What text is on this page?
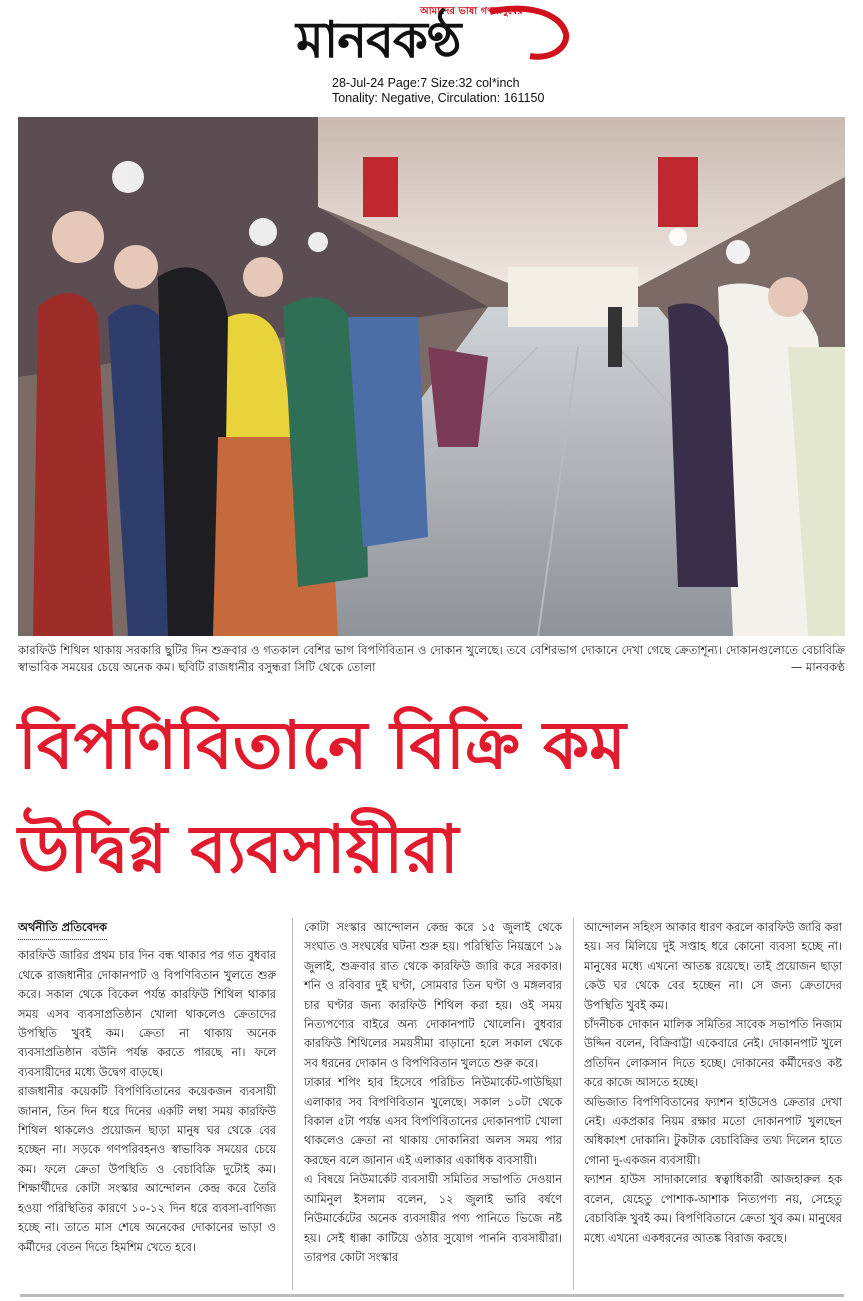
আমাদের ভাষা গণমানুষের
মানবকণ্ঠ
28-Jul-24 Page:7 Size:32 col*inch
Tonality: Negative, Circulation: 161150
কারফিউ শিথিল থাকায় সরকারি ছুটির দিন শুক্রবার ও গতকাল বেশির ভাগ বিপণিবিতান ও দোকান খুলেছে। তবে বেশিরভাগ দোকানে দেখা গেছে ক্রেতাশূন্য। দোকানগুলোতে বেচাবিক্রি স্বাভাবিক সময়ের চেয়ে অনেক কম। ছবিটি রাজধানীর বসুন্ধরা সিটি থেকে তোলা	— মানবকণ্ঠ
বিপণিবিতানে বিক্রি কম
উদ্বিগ্ন ব্যবসায়ীরা
অর্থনীতি প্রতিবেদক

কারফিউ জারির প্রথম চার দিন বন্ধ থাকার পর গত বুধবার থেকে রাজধানীর দোকানপাট ও বিপণিবিতান খুলতে শুরু করে। সকাল থেকে বিকেল পর্যন্ত কারফিউ শিথিল থাকার সময় এসব ব্যবসাপ্রতিষ্ঠান খোলা থাকলেও ক্রেতাদের উপস্থিতি খুবই কম। ক্রেতা না থাকায় অনেক ব্যবসাপ্রতিষ্ঠান বউনি পর্যন্ত করতে পারছে না। ফলে ব্যবসায়ীদের মধ্যে উদ্বেগ বাড়ছে।

রাজধানীর কয়েকটি বিপণিবিতানের কয়েকজন ব্যবসায়ী জানান, তিন দিন ধরে দিনের একটি লম্বা সময় কারফিউ শিথিল থাকলেও প্রয়োজন ছাড়া মানুষ ঘর থেকে বের হচ্ছেন না। সড়কে গণপরিবহনও স্বাভাবিক সময়ের চেয়ে কম। ফলে ক্রেতা উপস্থিতি ও বেচাবিক্রি দুটোই কম। শিক্ষার্থীদের কোটা সংস্কার আন্দোলন কেন্দ্র করে তৈরি হওয়া পরিস্থিতির কারণে ১০-১২ দিন ধরে ব্যবসা-বাণিজ্য হচ্ছে না। তাতে মাস শেষে অনেকের দোকানের ভাড়া ও কর্মীদের বেতন দিতে হিমশিম খেতে হবে।

কোটা সংস্কার আন্দোলন কেন্দ্র করে ১৫ জুলাই থেকে সংঘাত ও সংঘর্ষের ঘটনা শুরু হয়। পরিস্থিতি নিয়ন্ত্রণে ১৯ জুলাই, শুক্রবার রাত থেকে কারফিউ জারি করে সরকার। শনি ও রবিবার দুই ঘণ্টা, সোমবার তিন ঘণ্টা ও মঙ্গলবার চার ঘণ্টার জন্য কারফিউ শিথিল করা হয়। ওই সময় নিত্যপণ্যের বাইরে অন্য দোকানপাট খোলেনি। বুধবার কারফিউ শিথিলের সময়সীমা বাড়ানো হলে সকাল থেকে সব ধরনের দোকান ও বিপণিবিতান খুলতে শুরু করে।

ঢাকার শপিং হাব হিসেবে পরিচিত নিউমার্কেট-গাউছিয়া এলাকার সব বিপণিবিতান খুলেছে। সকাল ১০টা থেকে বিকাল ৫টা পর্যন্ত এসব বিপণিবিতানের দোকানপাট খোলা থাকলেও ক্রেতা না থাকায় দোকানিরা অলস সময় পার করছেন বলে জানান এই এলাকার একাধিক ব্যবসায়ী।

এ বিষয়ে নিউমার্কেট ব্যবসায়ী সমিতির সভাপতি দেওয়ান আমিনুল ইসলাম বলেন, ১২ জুলাই ভারি বর্ষণে নিউমার্কেটের অনেক ব্যবসায়ীর পণ্য পানিতে ভিজে নষ্ট হয়। সেই ধাক্কা কাটিয়ে ওঠার সুযোগ পাননি ব্যবসায়ীরা। তারপর কোটা সংস্কার

আন্দোলন সহিংস আকার ধারণ করলে কারফিউ জারি করা হয়। সব মিলিয়ে দুই সপ্তাহ ধরে কোনো ব্যবসা হচ্ছে না। মানুষের মধ্যে এখনো আতঙ্ক রয়েছে। তাই প্রয়োজন ছাড়া কেউ ঘর থেকে বের হচ্ছেন না। সে জন্য ক্রেতাদের উপস্থিতি খুবই কম।

চাঁদনীচক দোকান মালিক সমিতির সাবেক সভাপতি নিজাম উদ্দিন বলেন, বিক্রিবাট্টা একেবারে নেই। দোকানপাট খুলে প্রতিদিন লোকসান দিতে হচ্ছে। দোকানের কর্মীদেরও কষ্ট করে কাজে আসতে হচ্ছে।

অভিজাত বিপণিবিতানের ফ্যাশন হাউসেও ক্রেতার দেখা নেই। একপ্রকার নিয়ম রক্ষার মতো দোকানপাট খুলছেন অধিকাংশ দোকানি। টুকটাক বেচাবিক্রির তথ্য দিলেন হাতে গোনা দু-একজন ব্যবসায়ী।

ফ্যাশন হাউস সাদাকালোর স্বত্বাধিকারী আজহারুল হক বলেন, যেহেতু পোশাক-আশাক নিত্যপণ্য নয়, সেহেতু বেচাবিক্রি খুবই কম। বিপণিবিতানে ক্রেতা খুব কম। মানুষের মধ্যে এখনো একধরনের আতঙ্ক বিরাজ করছে।
